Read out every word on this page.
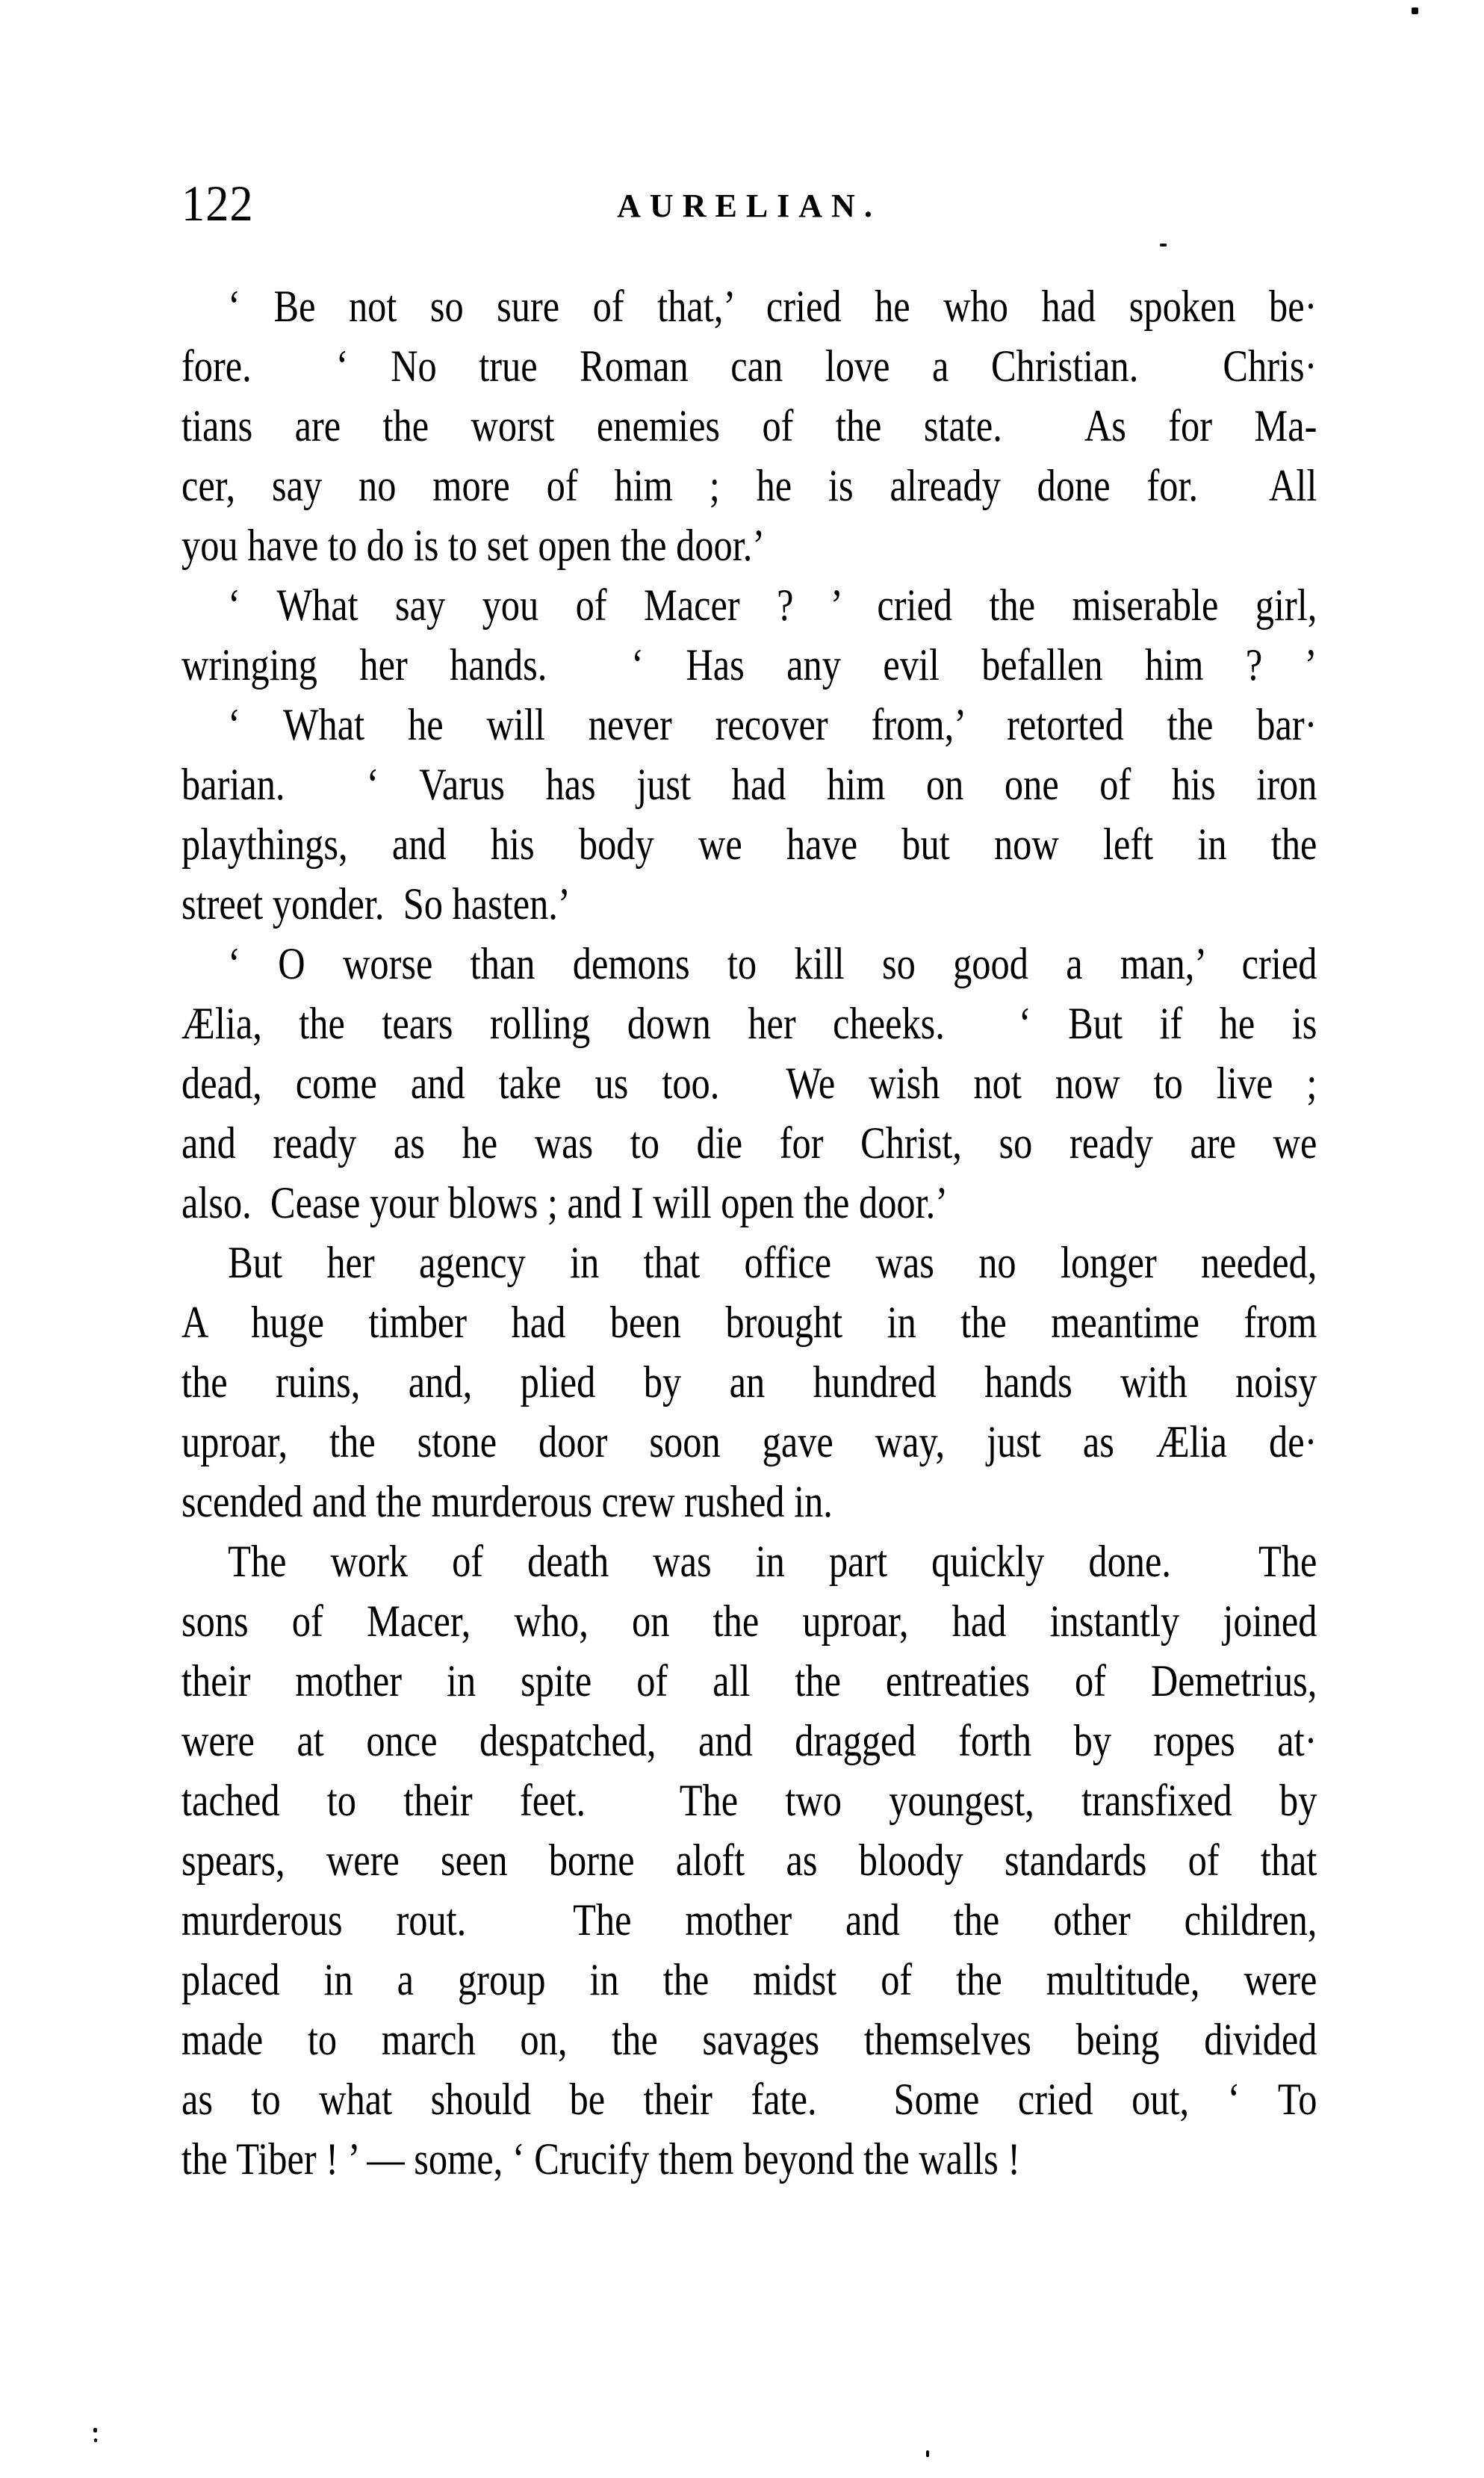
122	AURELIAN.
‘ Be not so sure of that,’ cried he who had spoken be·
fore.  ‘ No true Roman can love a Christian.  Chris·
tians are the worst enemies of the state.  As for Ma-
cer, say no more of him ; he is already done for.  All
you have to do is to set open the door.’
‘ What say you of Macer ? ’ cried the miserable girl,
wringing her hands.  ‘ Has any evil befallen him ? ’
‘ What he will never recover from,’ retorted the bar·
barian.  ‘ Varus has just had him on one of his iron
playthings, and his body we have but now left in the
street yonder.  So hasten.’
‘ O worse than demons to kill so good a man,’ cried
Ælia, the tears rolling down her cheeks.  ‘ But if he is
dead, come and take us too.  We wish not now to live ;
and ready as he was to die for Christ, so ready are we
also.  Cease your blows ; and I will open the door.’
But her agency in that office was no longer needed,
A huge timber had been brought in the meantime from
the ruins, and, plied by an hundred hands with noisy
uproar, the stone door soon gave way, just as Ælia de·
scended and the murderous crew rushed in.
The work of death was in part quickly done.  The
sons of Macer, who, on the uproar, had instantly joined
their mother in spite of all the entreaties of Demetrius,
were at once despatched, and dragged forth by ropes at·
tached to their feet.  The two youngest, transfixed by
spears, were seen borne aloft as bloody standards of that
murderous rout.  The mother and the other children,
placed in a group in the midst of the multitude, were
made to march on, the savages themselves being divided
as to what should be their fate.  Some cried out, ‘ To
the Tiber ! ’ — some, ‘ Crucify them beyond the walls !
